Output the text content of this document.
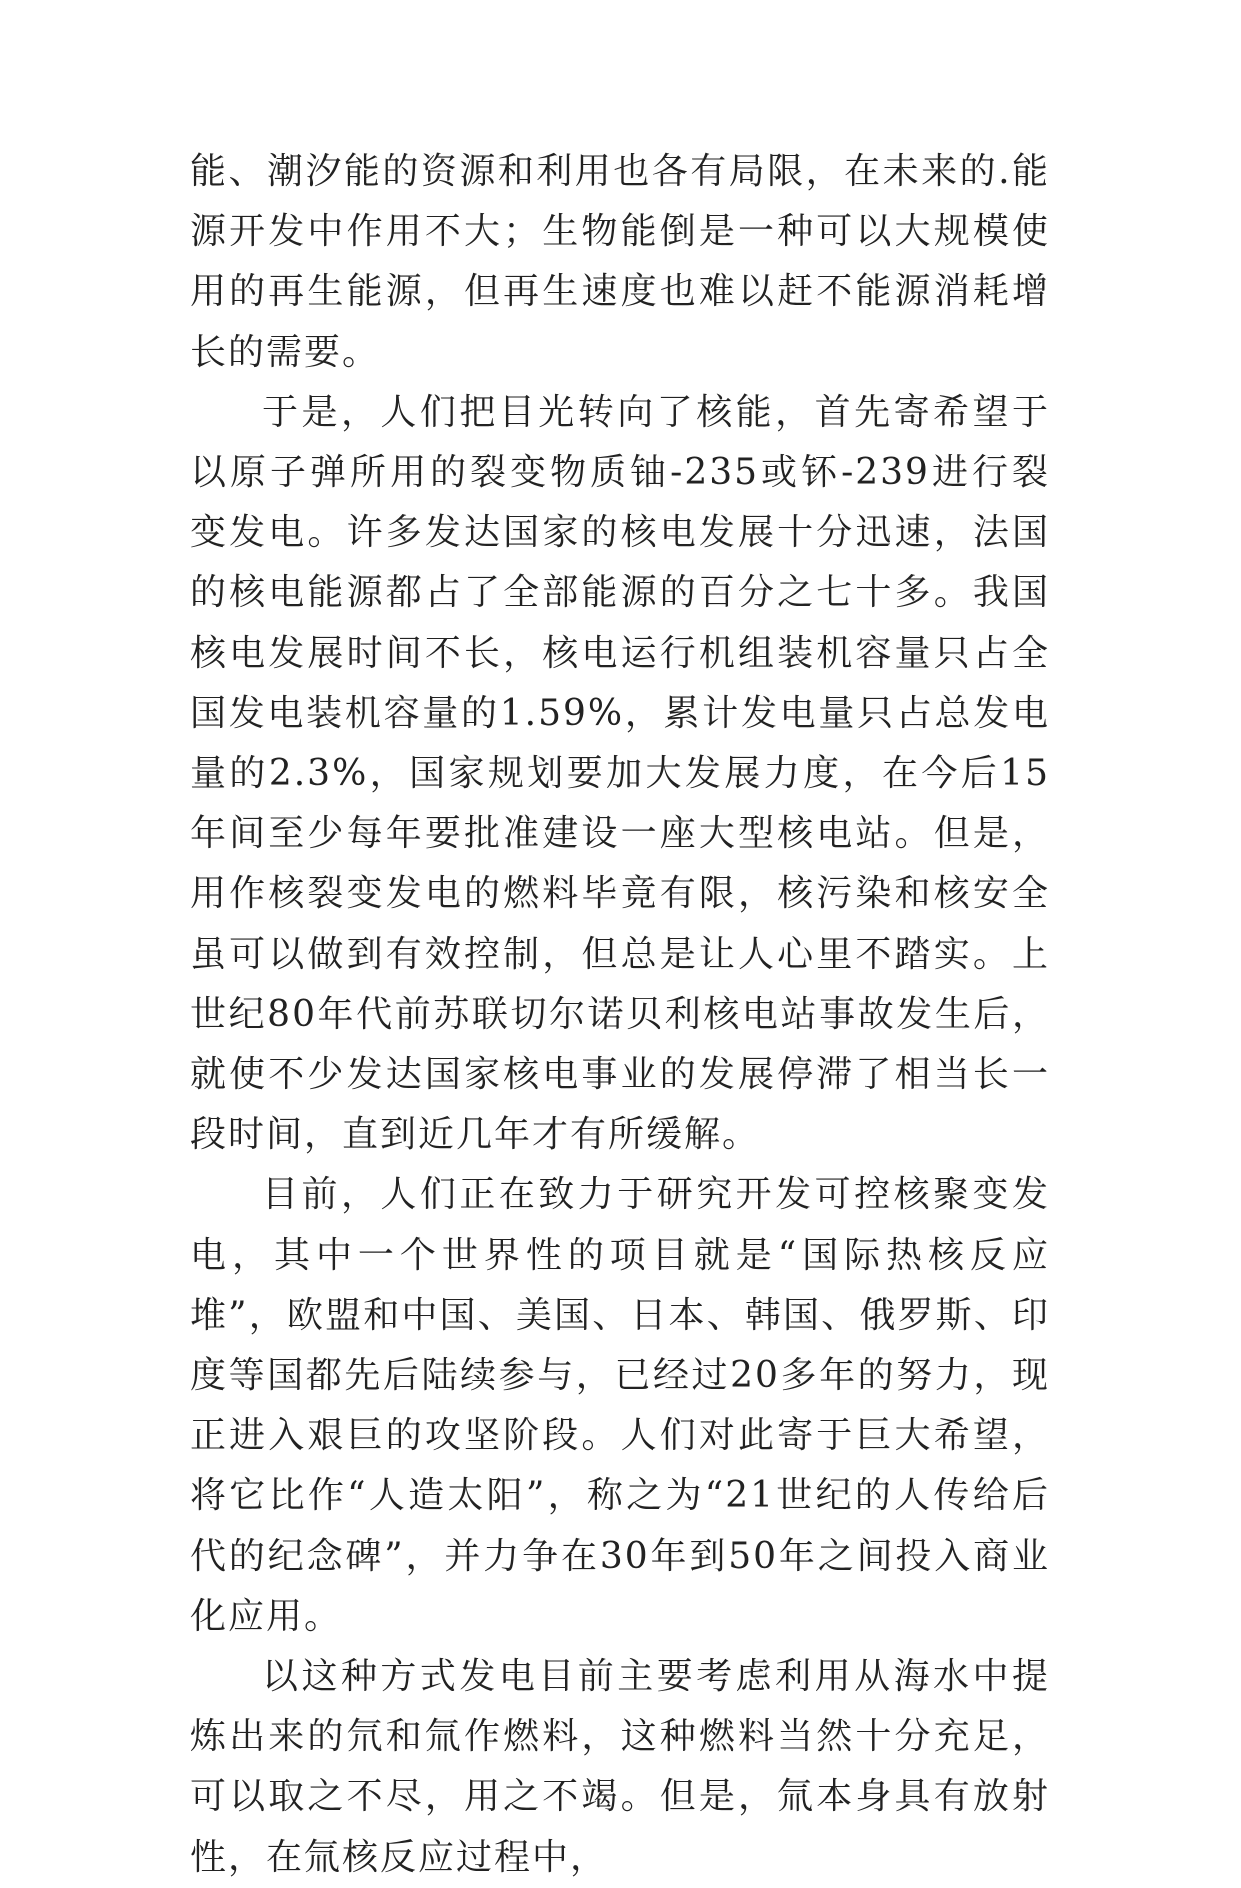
能、潮汐能的资源和利用也各有局限，在未来的.能源开发中作用不大；生物能倒是一种可以大规模使用的再生能源，但再生速度也难以赶不能源消耗增长的需要。

于是，人们把目光转向了核能，首先寄希望于以原子弹所用的裂变物质铀-235或钚-239进行裂变发电。许多发达国家的核电发展十分迅速，法国的核电能源都占了全部能源的百分之七十多。我国核电发展时间不长，核电运行机组装机容量只占全国发电装机容量的1.59%，累计发电量只占总发电量的2.3%，国家规划要加大发展力度，在今后15年间至少每年要批准建设一座大型核电站。但是，用作核裂变发电的燃料毕竟有限，核污染和核安全虽可以做到有效控制，但总是让人心里不踏实。上世纪80年代前苏联切尔诺贝利核电站事故发生后，就使不少发达国家核电事业的发展停滞了相当长一段时间，直到近几年才有所缓解。

目前，人们正在致力于研究开发可控核聚变发电，其中一个世界性的项目就是“国际热核反应堆”，欧盟和中国、美国、日本、韩国、俄罗斯、印度等国都先后陆续参与，已经过20多年的努力，现正进入艰巨的攻坚阶段。人们对此寄于巨大希望，将它比作“人造太阳”，称之为“21世纪的人传给后代的纪念碑”，并力争在30年到50年之间投入商业化应用。

以这种方式发电目前主要考虑利用从海水中提炼出来的氘和氚作燃料，这种燃料当然十分充足，可以取之不尽，用之不竭。但是，氚本身具有放射性，在氚核反应过程中，
